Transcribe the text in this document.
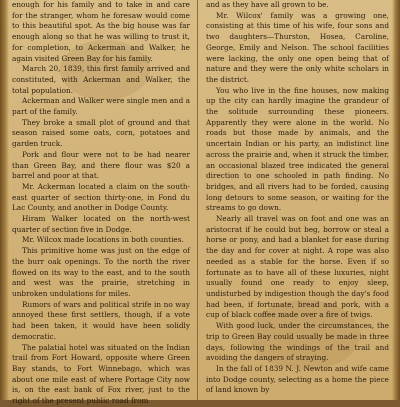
enough for his family and to take in and care for the stranger, whom he foresaw would come to this beautiful spot. As the big house was far enough along so that he was willing to trust it, for completion, to Ackerman and Walker, he again visited Green Bay for his family.

March 20, 1839, this first family arrived and constituted, with Ackerman and Walker, the total population.

Ackerman and Walker were single men and a part of the family.

They broke a small plot of ground and that season raised some oats, corn, potatoes and garden truck.

Pork and flour were not to be had nearer than Green Bay, and there flour was $20 a barrel and poor at that.

Mr. Ackerman located a claim on the south-east quarter of section thirty-one, in Fond du Lac County, and another in Dodge County.

Hiram Walker located on the north-west quarter of section five in Dodge.

Mr. Wilcox made locations in both counties.

This primitive home was just on the edge of the burr oak openings. To the north the river flowed on its way to the east, and to the south and west was the prairie, stretching in unbroken undulations for miles.

Rumors of wars and political strife in no way annoyed these first settlers, though, if a vote had been taken, it would have been solidly democratic.

The palatial hotel was situated on the Indian trail from Fort Howard, opposite where Green Bay stands, to Fort Winnebago, which was about one mile east of where Portage City now is, on the east bank of Fox river, just to the right of the present public road from

and as they have all grown to be.

Mr. Wilcox' family was a growing one, consisting at this time of his wife, four sons and two daughters—Thurston, Hosea, Caroline, George, Emily and Nelson. The school facilities were lacking, the only one open being that of nature and they were the only white scholars in the district.

You who live in the fine houses, now making up the city can hardly imagine the grandeur of the solitude surrounding these pioneers. Apparently they were alone in the world. No roads but those made by animals, and the uncertain Indian or his party, an indistinct line across the prairie and, when it struck the timber, an occasional blazed tree indicated the general direction to one schooled in path finding. No bridges, and all rivers had to be forded, causing long detours to some season, or waiting for the streams to go down.

Nearly all travel was on foot and one was an aristocrat if he could but beg, borrow or steal a horse or pony, and had a blanket for ease during the day and for cover at night. A rope was also needed as a stable for the horse. Even if so fortunate as to have all of these luxuries, night usually found one ready to enjoy sleep, undisturbed by indigestion though the day's food had been, if fortunate, bread and pork, with a cup of black coffee made over a fire of twigs.

With good luck, under the circumstances, the trip to Green Bay could usually be made in three days, following the windings of the trail and avoiding the dangers of straying.

In the fall of 1839 N. J. Newton and wife came into Dodge county, selecting as a home the piece of land known by
